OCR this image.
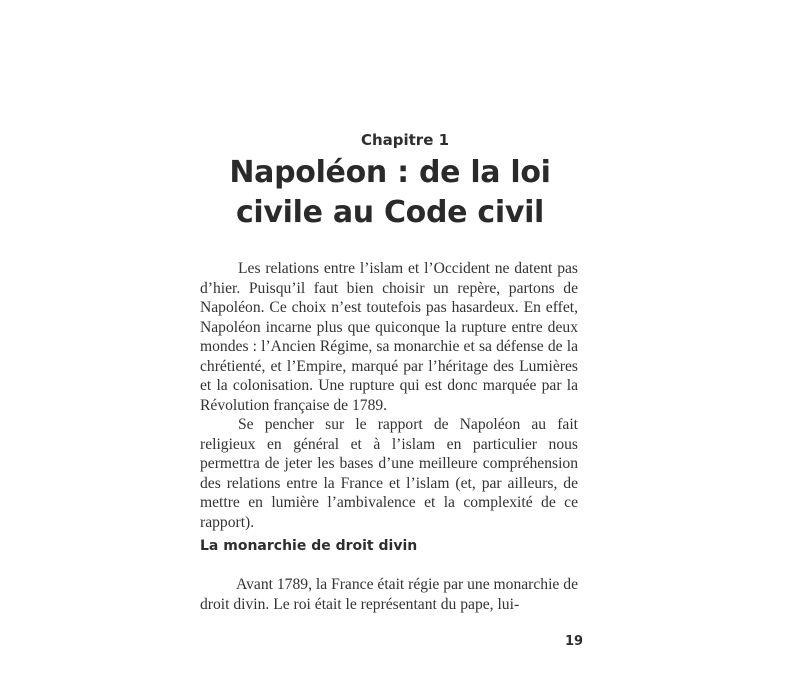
Chapitre 1
Napoléon : de la loi civile au Code civil

Les relations entre l’islam et l’Occident ne datent pas d’hier. Puisqu’il faut bien choisir un repère, partons de Napoléon. Ce choix n’est toutefois pas hasardeux. En effet, Napoléon incarne plus que quiconque la rupture entre deux mondes : l’Ancien Régime, sa monarchie et sa défense de la chrétienté, et l’Empire, marqué par l’héritage des Lumières et la colonisation. Une rupture qui est donc marquée par la Révolution française de 1789.

Se pencher sur le rapport de Napoléon au fait religieux en général et à l’islam en particulier nous permettra de jeter les bases d’une meilleure compréhension des relations entre la France et l’islam (et, par ailleurs, de mettre en lumière l’ambivalence et la complexité de ce rapport).

La monarchie de droit divin

Avant 1789, la France était régie par une monarchie de droit divin. Le roi était le représentant du pape, lui-

19
